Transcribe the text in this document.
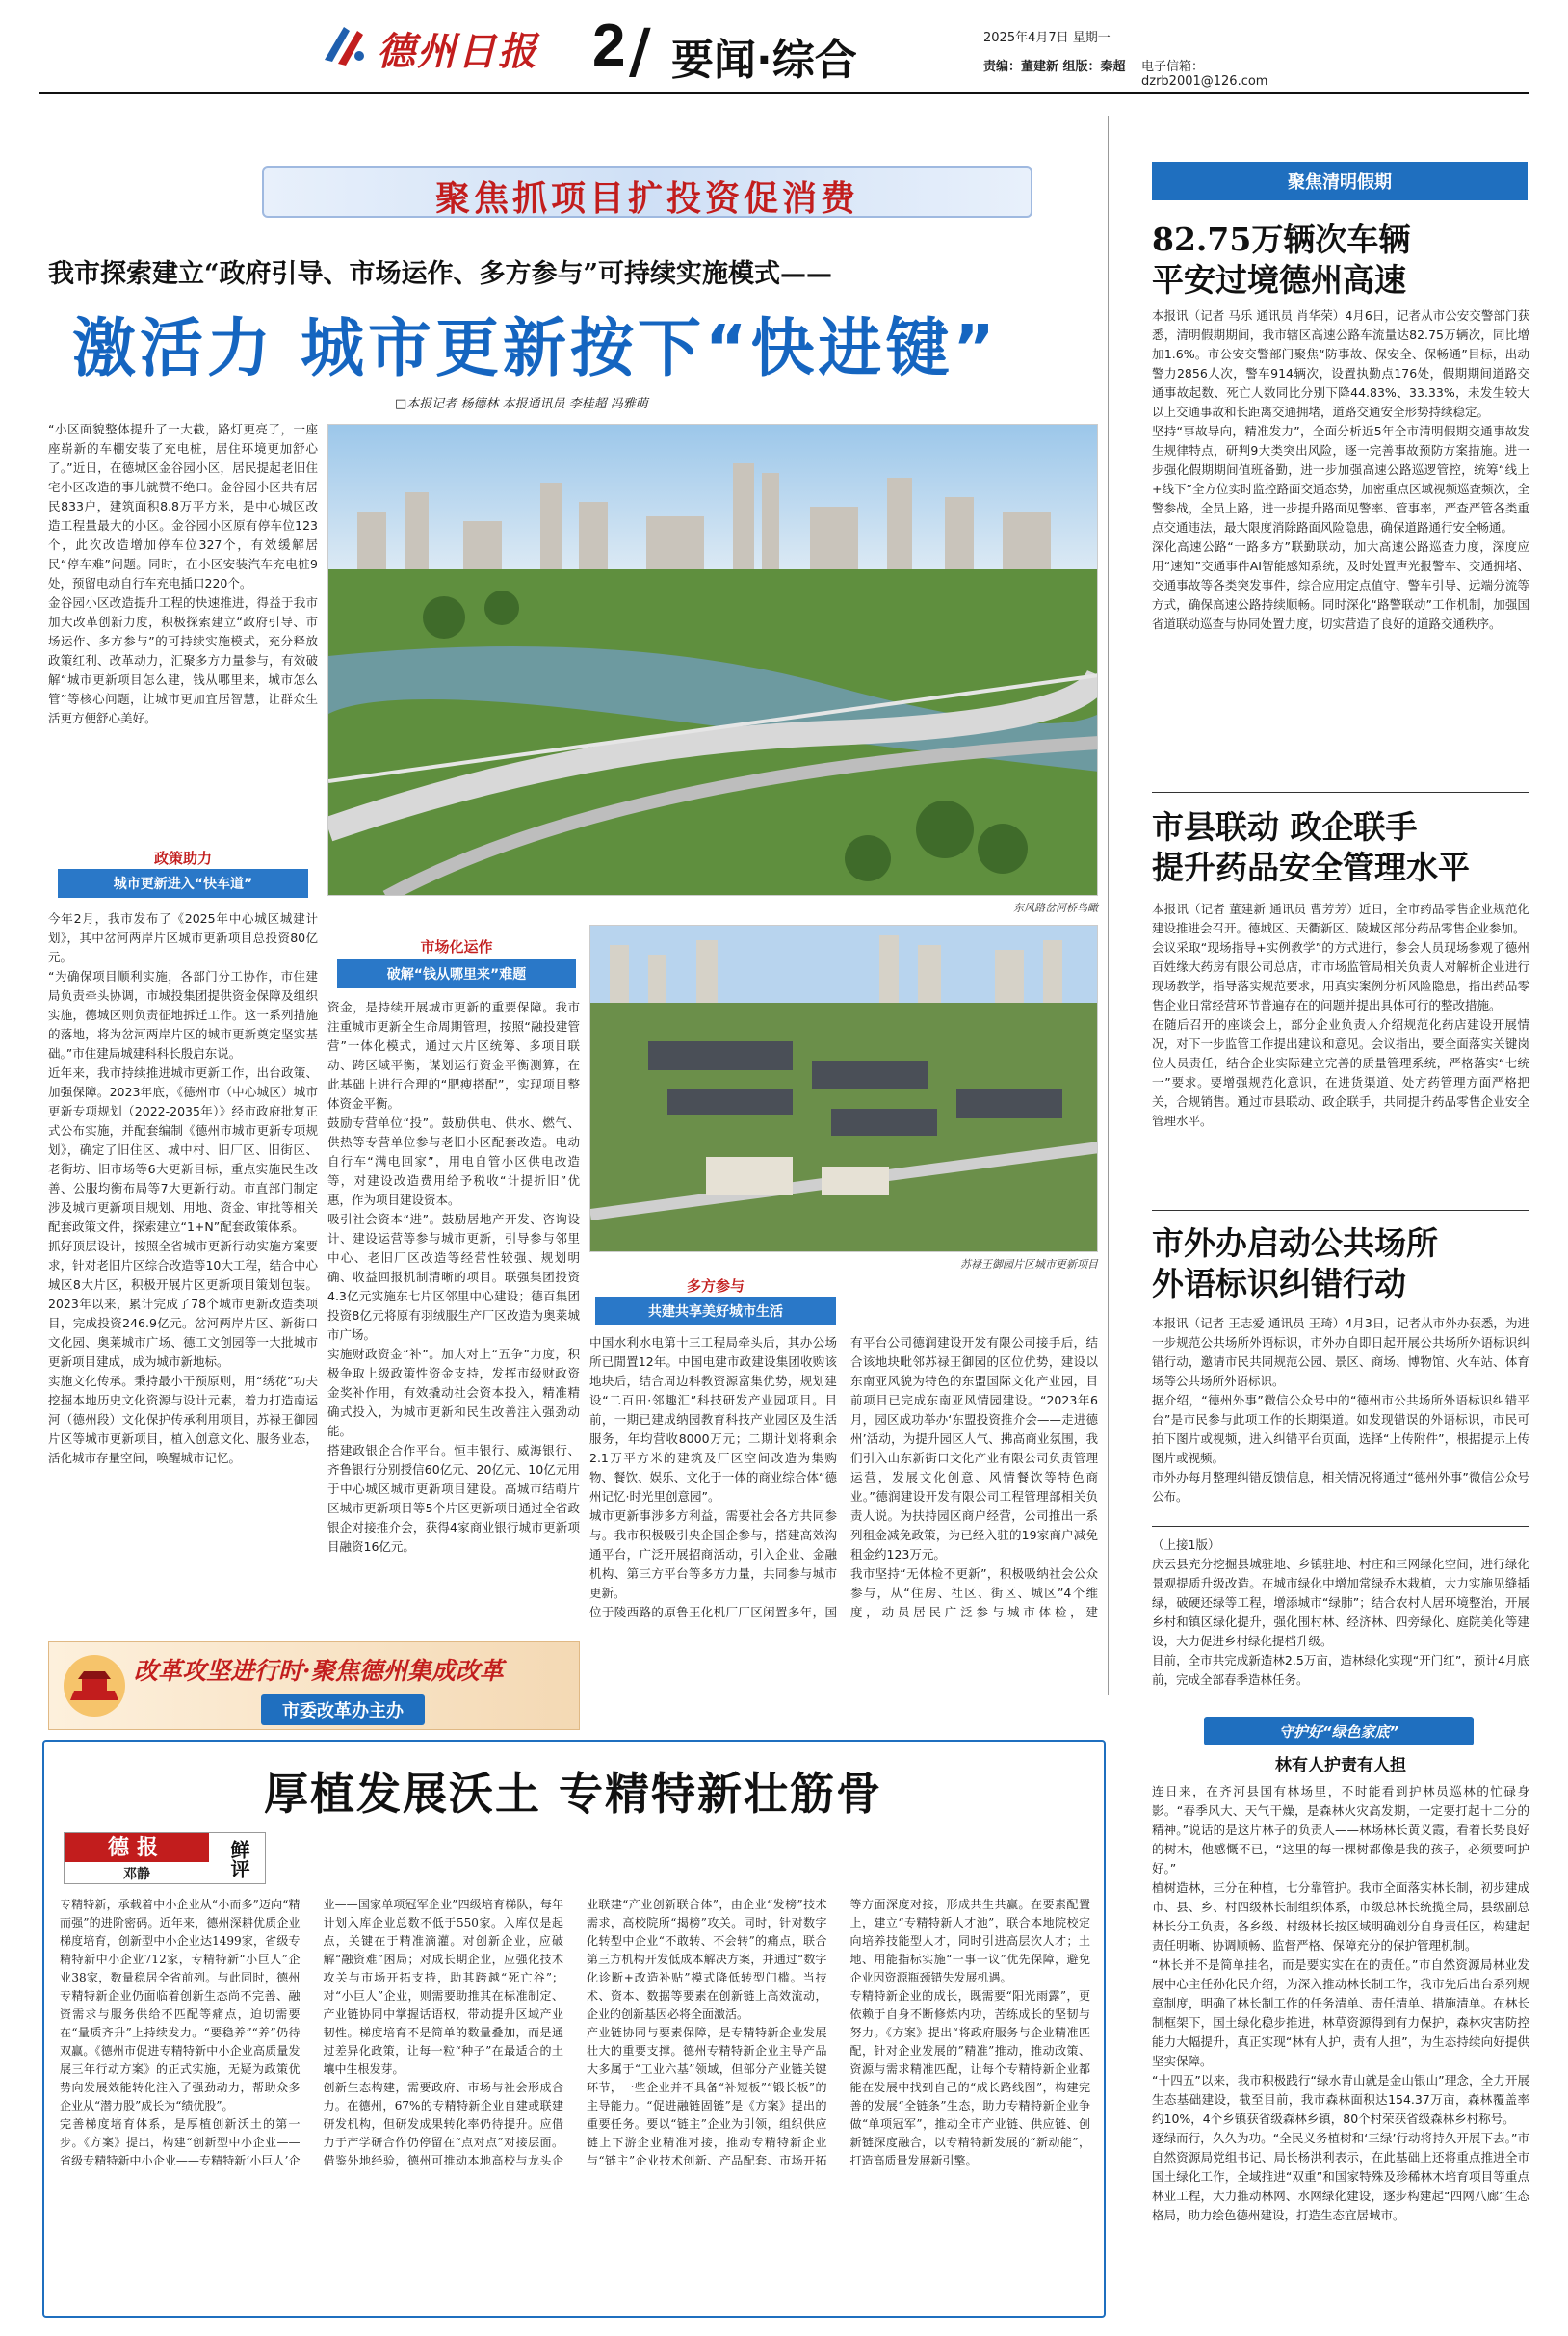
德州日报 2 / 要闻·综合	2025年4月7日 星期一
责编：董建新 组版：秦超 电子信箱：dzrb2001@126.com
聚焦抓项目扩投资促消费
我市探索建立“政府引导、市场运作、多方参与”可持续实施模式——
激活力 城市更新按下“快进键”
□本报记者 杨德林 本报通讯员 李桂超 冯雅萌
“小区面貌整体提升了一大截，路灯更亮了，一座座崭新的车棚安装了充电桩，居住环境更加舒心了。”近日，在德城区金谷园小区，居民提起老旧住宅小区改造的事儿就赞不绝口。金谷园小区共有居民833户，建筑面积8.8万平方米，是中心城区改造工程量最大的小区。金谷园小区原有停车位123个，此次改造增加停车位327个，有效缓解居民“停车难”问题。同时，在小区安装汽车充电桩9处，预留电动自行车充电插口220个。
金谷园小区改造提升工程的快速推进，得益于我市加大改革创新力度，积极探索建立“政府引导、市场运作、多方参与”的可持续实施模式，充分释放政策红利、改革动力，汇聚多方力量参与，有效破解“城市更新项目怎么建，钱从哪里来，城市怎么管”等核心问题，让城市更加宜居智慧，让群众生活更方便舒心美好。
政策助力
城市更新进入“快车道”
今年2月，我市发布了《2025年中心城区城建计划》，其中岔河两岸片区城市更新项目总投资80亿元。
“为确保项目顺利实施，各部门分工协作，市住建局负责牵头协调，市城投集团提供资金保障及组织实施，德城区则负责征地拆迁工作。这一系列措施的落地，将为岔河两岸片区的城市更新奠定坚实基础。”市住建局城建科科长殷启东说。
近年来，我市持续推进城市更新工作，出台政策、加强保障。2023年底，《德州市（中心城区）城市更新专项规划（2022-2035年）》经市政府批复正式公布实施，并配套编制《德州市城市更新专项规划》，确定了旧住区、城中村、旧厂区、旧街区、老街坊、旧市场等6大更新目标，重点实施民生改善、公服均衡布局等7大更新行动。市直部门制定涉及城市更新项目规划、用地、资金、审批等相关配套政策文件，探索建立“1+N”配套政策体系。
抓好顶层设计，按照全省城市更新行动实施方案要求，针对老旧片区综合改造等10大工程，结合中心城区8大片区，积极开展片区更新项目策划包装。2023年以来，累计完成了78个城市更新改造类项目，完成投资246.9亿元。岔河两岸片区、新街口文化园、奥莱城市广场、德工文创园等一大批城市更新项目建成，成为城市新地标。
实施文化传承。秉持最小干预原则，用“绣花”功夫挖掘本地历史文化资源与设计元素，着力打造南运河（德州段）文化保护传承利用项目，苏禄王御园片区等城市更新项目，植入创意文化、服务业态，活化城市存量空间，唤醒城市记忆。
东风路岔河桥鸟瞰
市场化运作
破解“钱从哪里来”难题
资金，是持续开展城市更新的重要保障。我市注重城市更新全生命周期管理，按照“融投建管营”一体化模式，通过大片区统筹、多项目联动、跨区域平衡，谋划运行资金平衡测算，在此基础上进行合理的“肥瘦搭配”，实现项目整体资金平衡。
鼓励专营单位“投”。鼓励供电、供水、燃气、供热等专营单位参与老旧小区配套改造。电动自行车“满电回家”，用电自管小区供电改造等，对建设改造费用给予税收“计提折旧”优惠，作为项目建设资本。
吸引社会资本“进”。鼓励居地产开发、咨询设计、建设运营等参与城市更新，引导参与邻里中心、老旧厂区改造等经营性较强、规划明确、收益回报机制清晰的项目。联强集团投资4.3亿元实施东七片区邻里中心建设；德百集团投资8亿元将原有羽绒服生产厂区改造为奥莱城市广场。
实施财政资金“补”。加大对上“五争”力度，积极争取上级政策性资金支持，发挥市级财政资金奖补作用，有效撬动社会资本投入，精准精确式投入，为城市更新和民生改善注入强劲动能。
搭建政银企合作平台。恒丰银行、威海银行、齐鲁银行分别授信60亿元、20亿元、10亿元用于中心城区城市更新项目建设。高城市结萌片区城市更新项目等5个片区更新项目通过全省政银企对接推介会，获得4家商业银行城市更新项目融资16亿元。
苏禄王御园片区城市更新项目
多方参与
共建共享美好城市生活
中国水利水电第十三工程局牵头后，其办公场所已閒置12年。中国电建市政建设集团收购该地块后，结合周边科教资源富集优势，规划建设“二百田·邻趣汇”科技研发产业园项目。目前，一期已建成纳园教育科技产业园区及生活服务，年均营收8000万元；二期计划将剩余2.1万平方米的建筑及厂区空间改造为集购物、餐饮、娱乐、文化于一体的商业综合体“德州记忆·时光里创意园”。
城市更新事涉多方利益，需要社会各方共同参与。我市积极吸引央企国企参与，搭建高效沟通平台，广泛开展招商活动，引入企业、金融机构、第三方平台等多方力量，共同参与城市更新。
位于陵西路的原鲁王化机厂厂区闲置多年，国有平台公司德润建设开发有限公司接手后，结合该地块毗邻苏禄王御园的区位优势，建设以东南亚风貌为特色的东盟国际文化产业园，目前项目已完成东南亚风情园建设。“2023年6月，园区成功举办‘东盟投资推介会——走进德州’活动，为提升园区人气、拂高商业氛围，我们引入山东新街口文化产业有限公司负责管理运营，发展文化创意、风情餐饮等特色商业。”德润建设开发有限公司工程管理部相关负责人说。为扶持园区商户经营，公司推出一系列租金减免政策，为已经入驻的19家商户减免租金约123万元。
我市坚持“无体检不更新”，积极吸纳社会公众参与，从“住房、社区、街区、城区”4个维度，动员居民广泛参与城市体检，建
改革攻坚进行时·聚焦德州集成改革
市委改革办主办
聚焦清明假期
82.75万辆次车辆
平安过境德州高速
本报讯（记者 马乐 通讯员 肖华荣）4月6日，记者从市公安交警部门获悉，清明假期期间，我市辖区高速公路车流量达82.75万辆次，同比增加1.6%。市公安交警部门聚焦“防事故、保安全、保畅通”目标，出动警力2856人次，警车914辆次，设置执勤点176处，假期期间道路交通事故起数、死亡人数同比分别下降44.83%、33.33%，未发生较大以上交通事故和长距离交通拥堵，道路交通安全形势持续稳定。
坚持“事故导向，精准发力”，全面分析近5年全市清明假期交通事故发生规律特点，研判9大类突出风险，逐一完善事故预防方案措施。进一步强化假期期间值班备勤，进一步加强高速公路巡逻管控，统筹“线上+线下”全方位实时监控路面交通态势，加密重点区域视频巡查频次，全警参战，全员上路，进一步提升路面见警率、管事率，严查严管各类重点交通违法，最大限度消除路面风险隐患，确保道路通行安全畅通。
深化高速公路“一路多方”联勤联动，加大高速公路巡查力度，深度应用“速知”交通事件AI智能感知系统，及时处置声光报警车、交通拥堵、交通事故等各类突发事件，综合应用定点值守、警车引导、远端分流等方式，确保高速公路持续顺畅。同时深化“路警联动”工作机制，加强国省道联动巡查与协同处置力度，切实营造了良好的道路交通秩序。
市县联动 政企联手
提升药品安全管理水平
本报讯（记者 董建新 通讯员 曹芳芳）近日，全市药品零售企业规范化建设推进会召开。德城区、天衢新区、陵城区部分药品零售企业参加。
会议采取“现场指导+实例教学”的方式进行，参会人员现场参观了德州百姓缘大药房有限公司总店，市市场监管局相关负责人对解析企业进行现场教学，指导落实规范要求，用真实案例分析风险隐患，指出药品零售企业日常经营环节普遍存在的问题并提出具体可行的整改措施。
在随后召开的座谈会上，部分企业负责人介绍规范化药店建设开展情况，对下一步监管工作提出建议和意见。会议指出，要全面落实关键岗位人员责任，结合企业实际建立完善的质量管理系统，严格落实“七统一”要求。要增强规范化意识，在进货渠道、处方药管理方面严格把关，合规销售。通过市县联动、政企联手，共同提升药品零售企业安全管理水平。
市外办启动公共场所
外语标识纠错行动
本报讯（记者 王志爱 通讯员 王琦）4月3日，记者从市外办获悉，为进一步规范公共场所外语标识，市外办自即日起开展公共场所外语标识纠错行动，邀请市民共同规范公园、景区、商场、博物馆、火车站、体育场等公共场所外语标识。
据介绍，“德州外事”微信公众号中的“德州市公共场所外语标识纠错平台”是市民参与此项工作的长期渠道。如发现错误的外语标识，市民可拍下图片或视频，进入纠错平台页面，选择“上传附件”，根据提示上传图片或视频。
市外办每月整理纠错反馈信息，相关情况将通过“德州外事”微信公众号公布。
（上接1版）
庆云县充分挖掘县城驻地、乡镇驻地、村庄和三网绿化空间，进行绿化景观提质升级改造。在城市绿化中增加常绿乔木栽植，大力实施见缝插绿，破硬还绿等工程，增添城市“绿肺”；结合农村人居环境整治，开展乡村和镇区绿化提升，强化围村林、经济林、四旁绿化、庭院美化等建设，大力促进乡村绿化提档升级。
目前，全市共完成新造林2.5万亩，造林绿化实现“开门红”，预计4月底前，完成全部春季造林任务。
守护好“绿色家底”
林有人护责有人担
连日来，在齐河县国有林场里，不时能看到护林员巡林的忙碌身影。“春季风大、天气干燥，是森林火灾高发期，一定要打起十二分的精神。”说话的是这片林子的负责人——林场林长黄义霞，看着长势良好的树木，他感慨不已，“这里的每一棵树都像是我的孩子，必须要呵护好。”
植树造林，三分在种植，七分靠管护。我市全面落实林长制，初步建成市、县、乡、村四级林长制组织体系，市级总林长统揽全局，县级副总林长分工负责，各乡级、村级林长按区域明确划分自身责任区，构建起责任明晰、协调顺畅、监督严格、保障充分的保护管理机制。
“林长并不是简单挂名，而是要实实在在的责任。”市自然资源局林业发展中心主任孙化民介绍，为深入推动林长制工作，我市先后出台系列规章制度，明确了林长制工作的任务清单、责任清单、措施清单。在林长制框架下，国土绿化稳步推进，林草资源得到有力保护，森林灾害防控能力大幅提升，真正实现“林有人护，责有人担”，为生态持续向好提供坚实保障。
“十四五”以来，我市积极践行“绿水青山就是金山银山”理念，全力开展生态基础建设，截至目前，我市森林面积达154.37万亩，森林覆盖率约10%，4个乡镇获省级森林乡镇，80个村荣获省级森林乡村称号。
逐绿而行，久久为功。“全民义务植树和‘三绿’行动将持久开展下去。”市自然资源局党组书记、局长杨洪利表示，在此基础上还将重点推进全市国土绿化工作，全域推进“双重”和国家特殊及珍稀林木培育项目等重点林业工程，大力推动林网、水网绿化建设，逐步构建起“四网八廊”生态格局，助力绘色德州建设，打造生态宜居城市。
厚植发展沃土 专精特新壮筋骨
德报	鲜评
邓静
专精特新，承载着中小企业从“小而多”迈向“精而强”的进阶密码。近年来，德州深耕优质企业梯度培育，创新型中小企业达1499家，省级专精特新中小企业712家，专精特新“小巨人”企业38家，数量稳居全省前列。与此同时，德州专精特新企业仍面临着创新生态尚不完善、融资需求与服务供给不匹配等痛点，迫切需要在“量质齐升”上持续发力。“要稳养”“养”仍待双赢。《德州市促进专精特新中小企业高质量发展三年行动方案》的正式实施，无疑为政策优势向发展效能转化注入了强劲动力，帮助众多企业从“潜力股”成长为“绩优股”。
完善梯度培育体系，是厚植创新沃土的第一步。《方案》提出，构建“创新型中小企业——省级专精特新中小企业——专精特新‘小巨人’企业——国家单项冠军企业”四级培育梯队，每年计划入库企业总数不低于550家。入库仅是起点，关键在于精准滴灌。对创新企业，应破解“融资难”困局；对成长期企业，应强化技术攻关与市场开拓支持，助其跨越“死亡谷”；对“小巨人”企业，则需要助推其在标准制定、产业链协同中掌握话语权，带动提升区域产业韧性。梯度培育不是简单的数量叠加，而是通过差异化政策，让每一粒“种子”在最适合的土壤中生根发芽。
创新生态构建，需要政府、市场与社会形成合力。在德州，67%的专精特新企业自建或联建研发机构，但研发成果转化率仍待提升。应借力于产学研合作仍停留在“点对点”对接层面。借鉴外地经验，德州可推动本地高校与龙头企业联建“产业创新联合体”，由企业“发榜”技术需求，高校院所“揭榜”攻关。同时，针对数字化转型中企业“不敢转、不会转”的痛点，联合第三方机构开发低成本解决方案，并通过“数字化诊断+改造补贴”模式降低转型门槛。当技术、资本、数据等要素在创新链上高效流动，企业的创新基因必将全面激活。
产业链协同与要素保障，是专精特新企业发展壮大的重要支撑。德州专精特新企业主导产品大多属于“工业六基”领域，但部分产业链关键环节，一些企业并不具备“补短板”“锻长板”的主导能力。“促进融链固链”是《方案》提出的重要任务。要以“链主”企业为引领，组织供应链上下游企业精准对接，推动专精特新企业与“链主”企业技术创新、产品配套、市场开拓等方面深度对接，形成共生共赢。在要素配置上，建立“专精特新人才池”，联合本地院校定向培养技能型人才，同时引进高层次人才；土地、用能指标实施“一事一议”优先保障，避免企业因资源瓶颈错失发展机遇。
专精特新企业的成长，既需要“阳光雨露”，更依赖于自身不断修炼内功，苦练成长的坚韧与努力。《方案》提出“将政府服务与企业精准匹配，针对企业发展的”精准”推动，推动政策、资源与需求精准匹配，让每个专精特新企业都能在发展中找到自己的“成长路线图”，构建完善的发展“全链条”生态，助力专精特新企业争做“单项冠军”，推动全市产业链、供应链、创新链深度融合，以专精特新发展的“新动能”，打造高质量发展新引擎。
